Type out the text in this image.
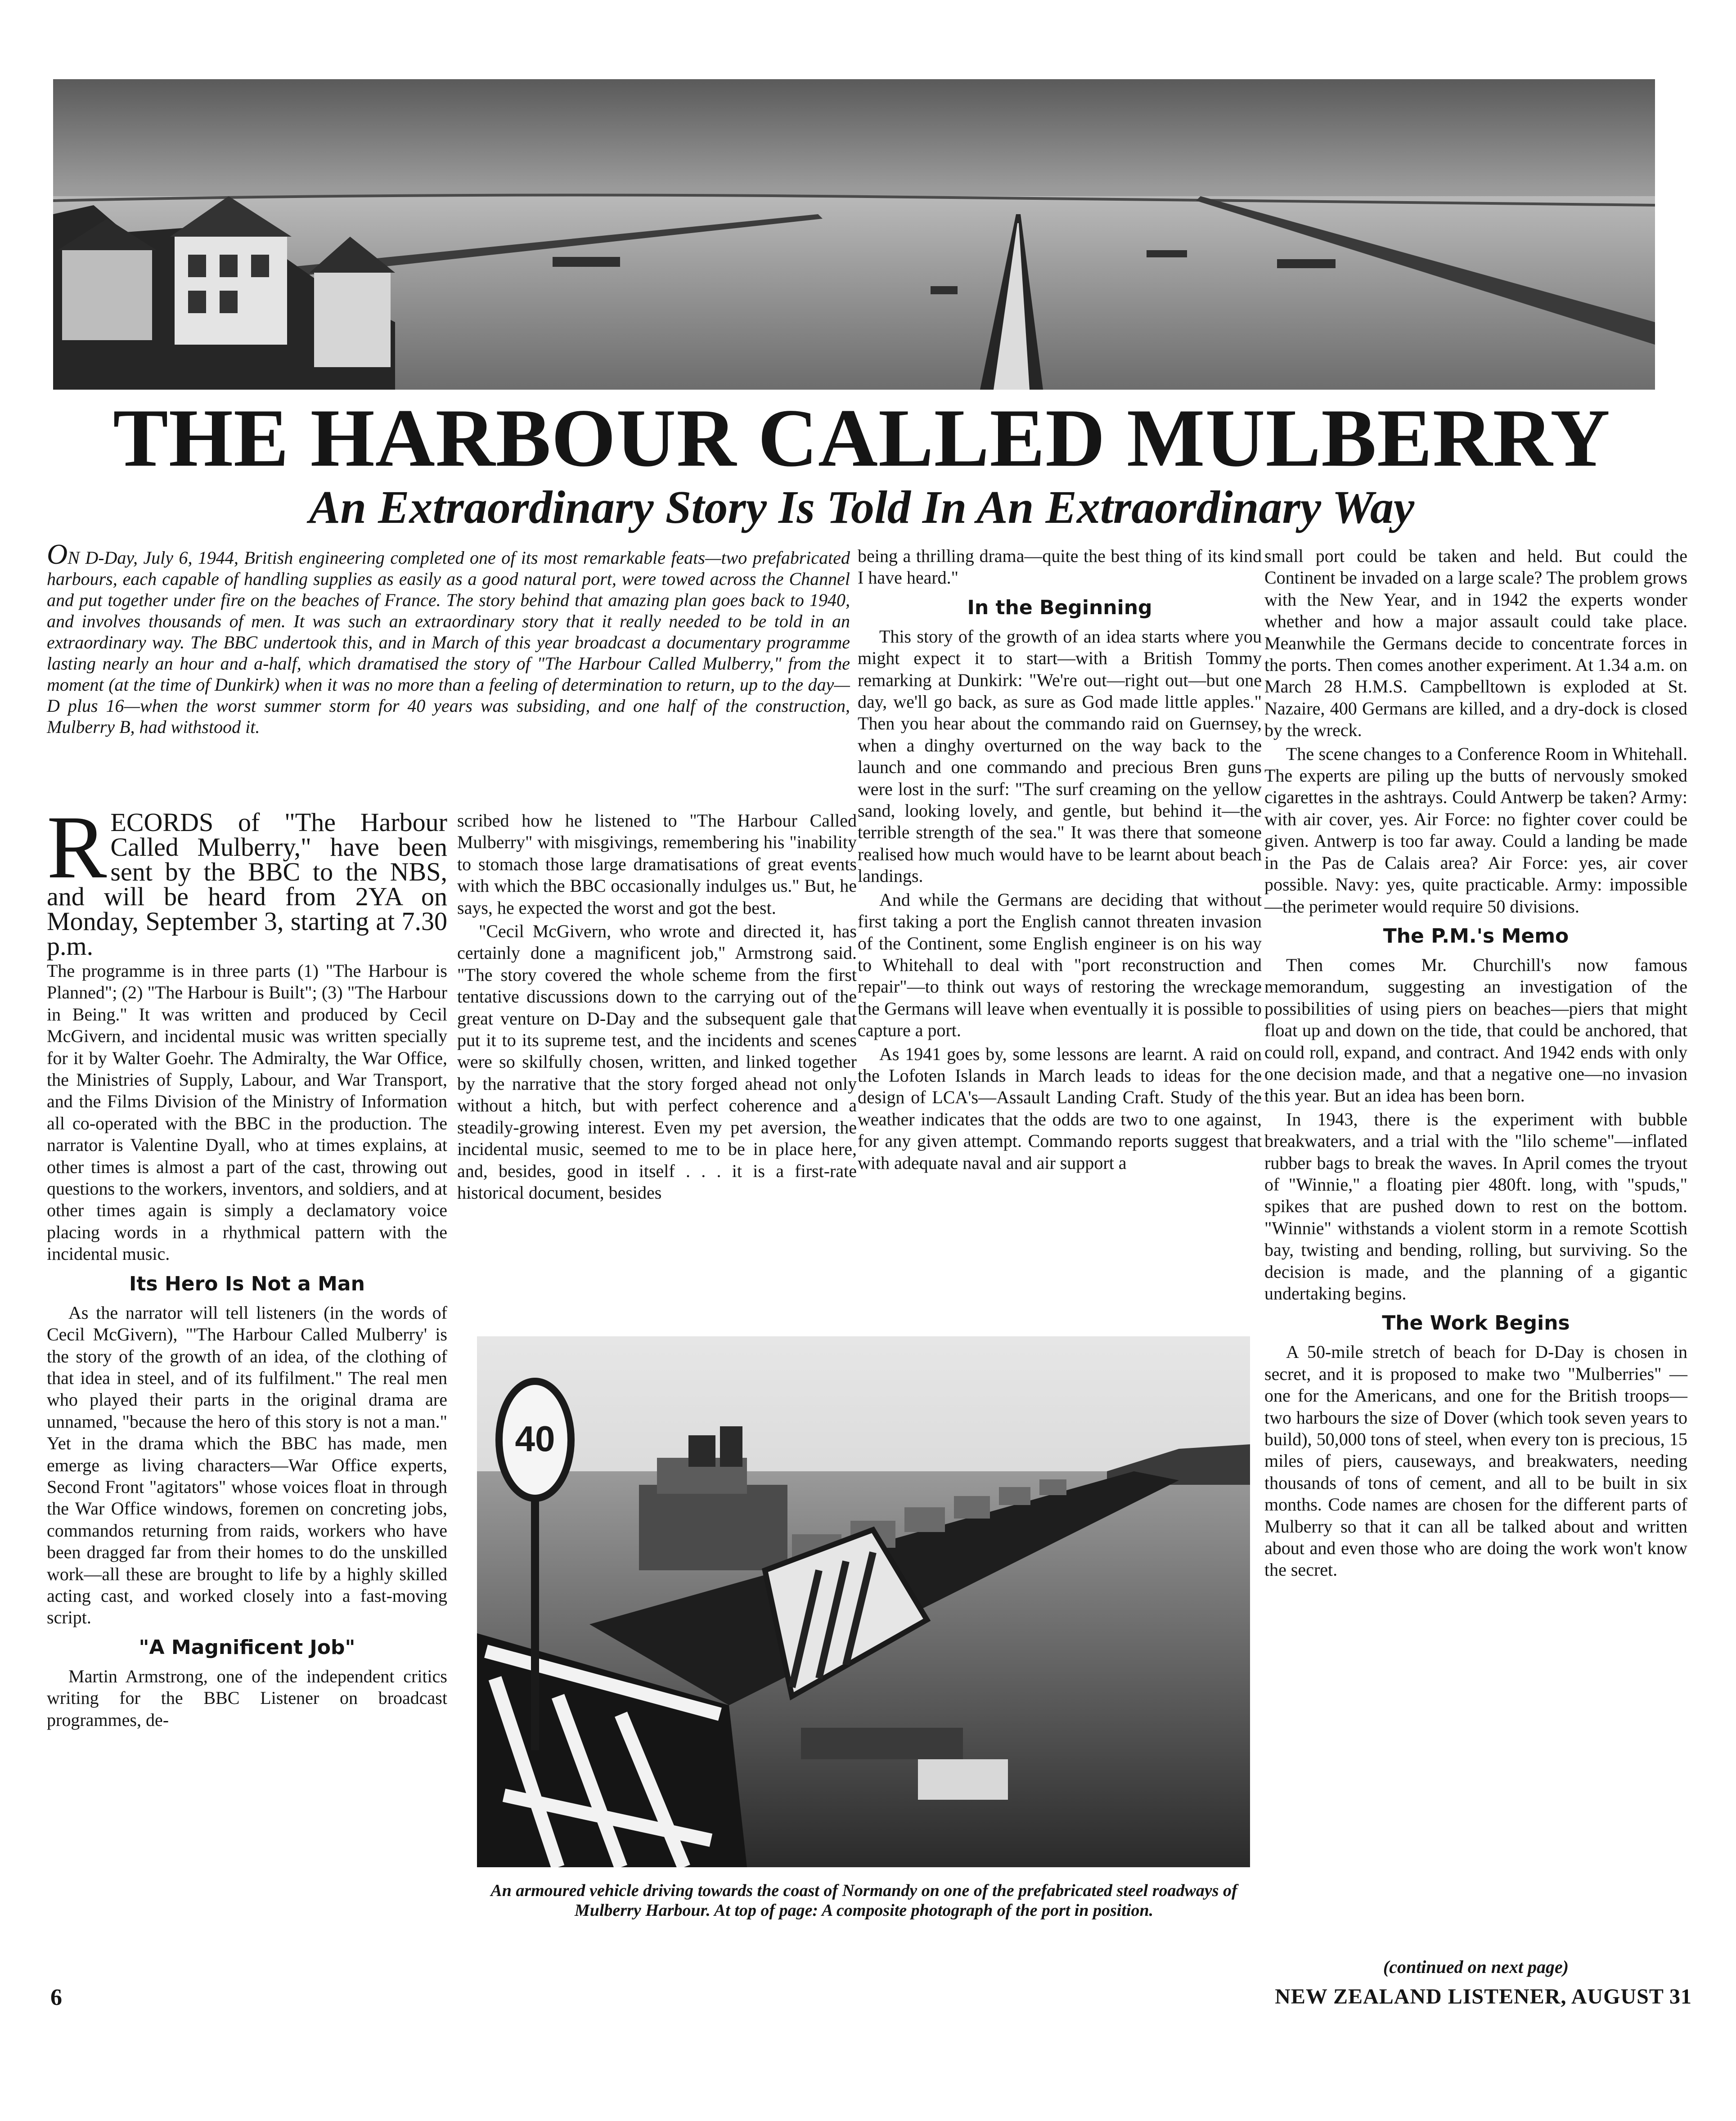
THE HARBOUR CALLED MULBERRY
An Extraordinary Story Is Told In An Extraordinary Way

ON D-Day, July 6, 1944, British engineering completed one of its most remarkable feats—two prefabricated harbours, each capable of handling supplies as easily as a good natural port, were towed across the Channel and put together under fire on the beaches of France. The story behind that amazing plan goes back to 1940, and involves thousands of men. It was such an extraordinary story that it really needed to be told in an extraordinary way. The BBC undertook this, and in March of this year broadcast a documentary programme lasting nearly an hour and a-half, which dramatised the story of "The Harbour Called Mulberry," from the moment (at the time of Dunkirk) when it was no more than a feeling of determination to return, up to the day—D plus 16—when the worst summer storm for 40 years was subsiding, and one half of the construction, Mulberry B, had withstood it.

RECORDS of "The Harbour Called Mulberry," have been sent by the BBC to the NBS, and will be heard from 2YA on Monday, September 3, starting at 7.30 p.m.

The programme is in three parts (1) "The Harbour is Planned"; (2) "The Harbour is Built"; (3) "The Harbour in Being." It was written and produced by Cecil McGivern, and incidental music was written specially for it by Walter Goehr. The Admiralty, the War Office, the Ministries of Supply, Labour, and War Transport, and the Films Division of the Ministry of Information all co-operated with the BBC in the production. The narrator is Valentine Dyall, who at times explains, at other times is almost a part of the cast, throwing out questions to the workers, inventors, and soldiers, and at other times again is simply a declamatory voice placing words in a rhythmical pattern with the incidental music.

Its Hero Is Not a Man

As the narrator will tell listeners (in the words of Cecil McGivern), "'The Harbour Called Mulberry' is the story of the growth of an idea, of the clothing of that idea in steel, and of its fulfilment." The real men who played their parts in the original drama are unnamed, "because the hero of this story is not a man." Yet in the drama which the BBC has made, men emerge as living characters—War Office experts, Second Front "agitators" whose voices float in through the War Office windows, foremen on concreting jobs, commandos returning from raids, workers who have been dragged far from their homes to do the unskilled work—all these are brought to life by a highly skilled acting cast, and worked closely into a fast-moving script.

"A Magnificent Job"

Martin Armstrong, one of the independent critics writing for the BBC Listener on broadcast programmes, de-

scribed how he listened to "The Harbour Called Mulberry" with misgivings, remembering his "inability to stomach those large dramatisations of great events with which the BBC occasionally indulges us." But, he says, he expected the worst and got the best.

"Cecil McGivern, who wrote and directed it, has certainly done a magnificent job," Armstrong said. "The story covered the whole scheme from the first tentative discussions down to the carrying out of the great venture on D-Day and the subsequent gale that put it to its supreme test, and the incidents and scenes were so skilfully chosen, written, and linked together by the narrative that the story forged ahead not only without a hitch, but with perfect coherence and a steadily-growing interest. Even my pet aversion, the incidental music, seemed to me to be in place here, and, besides, good in itself . . . it is a first-rate historical document, besides

being a thrilling drama—quite the best thing of its kind I have heard."

In the Beginning

This story of the growth of an idea starts where you might expect it to start—with a British Tommy remarking at Dunkirk: "We're out—right out—but one day, we'll go back, as sure as God made little apples." Then you hear about the commando raid on Guernsey, when a dinghy overturned on the way back to the launch and one commando and precious Bren guns were lost in the surf: "The surf creaming on the yellow sand, looking lovely, and gentle, but behind it—the terrible strength of the sea." It was there that someone realised how much would have to be learnt about beach landings.

And while the Germans are deciding that without first taking a port the English cannot threaten invasion of the Continent, some English engineer is on his way to Whitehall to deal with "port reconstruction and repair"—to think out ways of restoring the wreckage the Germans will leave when eventually it is possible to capture a port.

As 1941 goes by, some lessons are learnt. A raid on the Lofoten Islands in March leads to ideas for the design of LCA's—Assault Landing Craft. Study of the weather indicates that the odds are two to one against, for any given attempt. Commando reports suggest that with adequate naval and air support a

small port could be taken and held. But could the Continent be invaded on a large scale? The problem grows with the New Year, and in 1942 the experts wonder whether and how a major assault could take place. Meanwhile the Germans decide to concentrate forces in the ports. Then comes another experiment. At 1.34 a.m. on March 28 H.M.S. Campbelltown is exploded at St. Nazaire, 400 Germans are killed, and a dry-dock is closed by the wreck.

The scene changes to a Conference Room in Whitehall. The experts are piling up the butts of nervously smoked cigarettes in the ashtrays. Could Antwerp be taken? Army: with air cover, yes. Air Force: no fighter cover could be given. Antwerp is too far away. Could a landing be made in the Pas de Calais area? Air Force: yes, air cover possible. Navy: yes, quite practicable. Army: impossible—the perimeter would require 50 divisions.

The P.M.'s Memo

Then comes Mr. Churchill's now famous memorandum, suggesting an investigation of the possibilities of using piers on beaches—piers that might float up and down on the tide, that could be anchored, that could roll, expand, and contract. And 1942 ends with only one decision made, and that a negative one—no invasion this year. But an idea has been born.

In 1943, there is the experiment with bubble breakwaters, and a trial with the "lilo scheme"—inflated rubber bags to break the waves. In April comes the tryout of "Winnie," a floating pier 480ft. long, with "spuds," spikes that are pushed down to rest on the bottom. "Winnie" withstands a violent storm in a remote Scottish bay, twisting and bending, rolling, but surviving. So the decision is made, and the planning of a gigantic undertaking begins.

The Work Begins

A 50-mile stretch of beach for D-Day is chosen in secret, and it is proposed to make two "Mulberries" — one for the Americans, and one for the British troops—two harbours the size of Dover (which took seven years to build), 50,000 tons of steel, when every ton is precious, 15 miles of piers, causeways, and breakwaters, needing thousands of tons of cement, and all to be built in six months. Code names are chosen for the different parts of Mulberry so that it can all be talked about and written about and even those who are doing the work won't know the secret.

40

An armoured vehicle driving towards the coast of Normandy on one of the prefabricated steel roadways of Mulberry Harbour. At top of page: A composite photograph of the port in position.

(continued on next page)

6	NEW ZEALAND LISTENER, AUGUST 31
